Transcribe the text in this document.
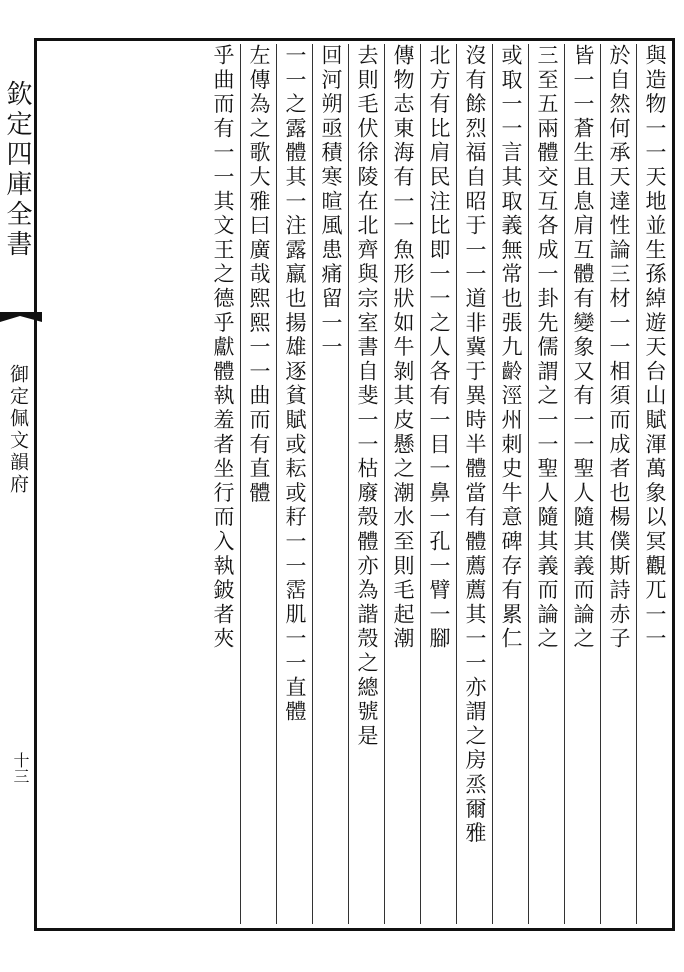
欽定四庫全書
御定佩文韻府
十三
與造物一一天地並生孫綽遊天台山賦渾萬象以冥觀兀一一
於自然何承天達性論三材一一相須而成者也楊僕斯詩赤子
皆一一蒼生且息肩互體有變象又有一一聖人隨其義而論之
三至五兩體交互各成一卦先儒謂之一一聖人隨其義而論之
或取一一言其取義無常也張九齡涇州刺史牛意碑存有累仁
沒有餘烈福自昭于一一道非冀于異時半體當有體薦薦其一一亦謂之房烝爾雅
北方有比肩民注比即一一之人各有一目一鼻一孔一臂一腳
傳物志東海有一一魚形狀如牛剝其皮懸之潮水至則毛起潮
去則毛伏徐陵在北齊與宗室書自斐一一枯廢殼體亦為諧殼之總號是
回河朔亟積寒暄風患痛留一一
一一之露體其一注露羸也揚雄逐貧賦或耘或耔一一霑肌一一直體
左傳為之歌大雅曰廣哉熙熙一一曲而有直體
乎曲而有一一其文王之德乎獻體執羞者坐行而入執鈹者夾
